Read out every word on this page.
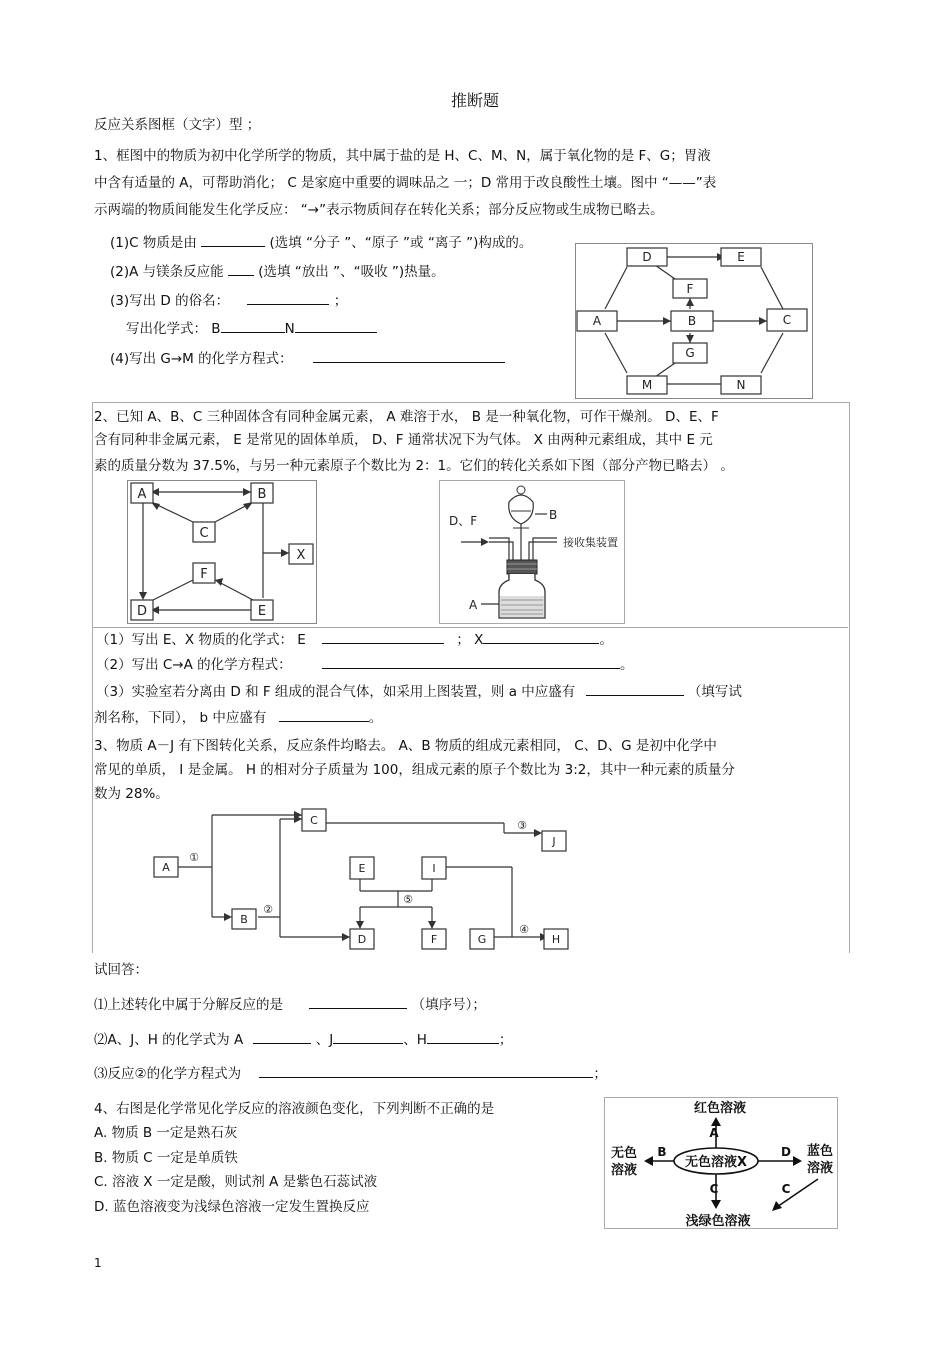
推断题
反应关系图框（文字）型 ；
1、框图中的物质为初中化学所学的物质，其中属于盐的是 H、C、M、N，属于氧化物的是 F、G；胃液
中含有适量的 A，可帮助消化； C 是家庭中重要的调味品之 一；D 常用于改良酸性土壤。图中 “——”表
示两端的物质间能发生化学反应： “→”表示物质间存在转化关系；部分反应物或生成物已略去。
(1)C 物质是由	(选填 “分子 ”、“原子 ”或 “离子 ”)构成的。
(2)A 与镁条反应能	(选填 “放出 ”、“吸收 ”)热量。
(3)写出 D 的俗名：	；
写出化学式： B	N
(4)写出 G→M 的化学方程式：
D	E
F
A	B	C
G
M	N
2、已知 A、B、C 三种固体含有同种金属元素， A 难溶于水， B 是一种氧化物，可作干燥剂。 D、E、F
含有同种非金属元素， E 是常见的固体单质， D、F 通常状况下为气体。 X 由两种元素组成，其中 E 元
素的质量分数为 37.5%，与另一种元素原子个数比为 2：1。它们的转化关系如下图（部分产物已略去） 。
A	B
C
X
F
D	E
D、F	B
接收集装置
A
（1）写出 E、X 物质的化学式： E	； X	。
（2）写出 C→A 的化学方程式：	。
（3）实验室若分离由 D 和 F 组成的混合气体，如采用上图装置，则 a 中应盛有	（填写试
剂名称，下同）， b 中应盛有	。
3、物质 A－J 有下图转化关系，反应条件均略去。 A、B 物质的组成元素相同， C、D、G 是初中化学中
常见的单质， I 是金属。 H 的相对分子质量为 100，组成元素的原子个数比为 3:2，其中一种元素的质量分
数为 28%。
A
B
C
D
E
F	G	H
I
J
①
②
③
④
⑤
试回答：
⑴上述转化中属于分解反应的是	（填序号）；
⑵A、J、H 的化学式为 A	、J	、H	；
⑶反应②的化学方程式为	；
4、右图是化学常见化学反应的溶液颜色变化，下列判断不正确的是
A. 物质 B 一定是熟石灰
B. 物质 C 一定是单质铁
C. 溶液 X 一定是酸，则试剂 A 是紫色石蕊试液
D. 蓝色溶液变为浅绿色溶液一定发生置换反应
红色溶液
无色
溶液
蓝色
溶液
浅绿色溶液
无色溶液X
A
B	D
C	C
1
